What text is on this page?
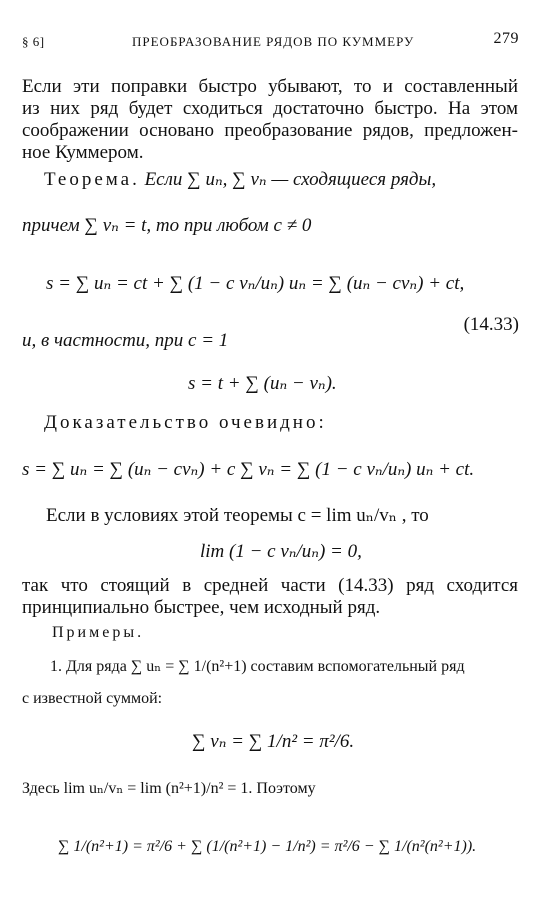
§ 6]	ПРЕОБРАЗОВАНИЕ РЯДОВ ПО КУММЕРУ	279
Если эти поправки быстро убывают, то и составленный
из них ряд будет сходиться достаточно быстро. На этом
соображении основано преобразование рядов, предложен-
ное Куммером.
Теорема. Если ∑ uₙ, ∑ vₙ — сходящиеся ряды,
причем ∑ vₙ = t, то при любом c ≠ 0
s = ∑ uₙ = ct + ∑ (1 − c vₙ/uₙ) uₙ = ∑ (uₙ − cvₙ) + ct,
(14.33)
и, в частности, при c = 1
s = t + ∑ (uₙ − vₙ).
Доказательство очевидно:
s = ∑ uₙ = ∑ (uₙ − cvₙ) + c ∑ vₙ = ∑ (1 − c vₙ/uₙ) uₙ + ct.
Если в условиях этой теоремы c = lim uₙ/vₙ , то
lim (1 − c vₙ/uₙ) = 0,
так что стоящий в средней части (14.33) ряд сходится
принципиально быстрее, чем исходный ряд.
Примеры.
1. Для ряда ∑ uₙ = ∑ 1/(n²+1) составим вспомогательный ряд
с известной суммой:
∑ vₙ = ∑ 1/n² = π²/6.
Здесь lim uₙ/vₙ = lim (n²+1)/n² = 1. Поэтому
∑ 1/(n²+1) = π²/6 + ∑ (1/(n²+1) − 1/n²) = π²/6 − ∑ 1/(n²(n²+1)).
